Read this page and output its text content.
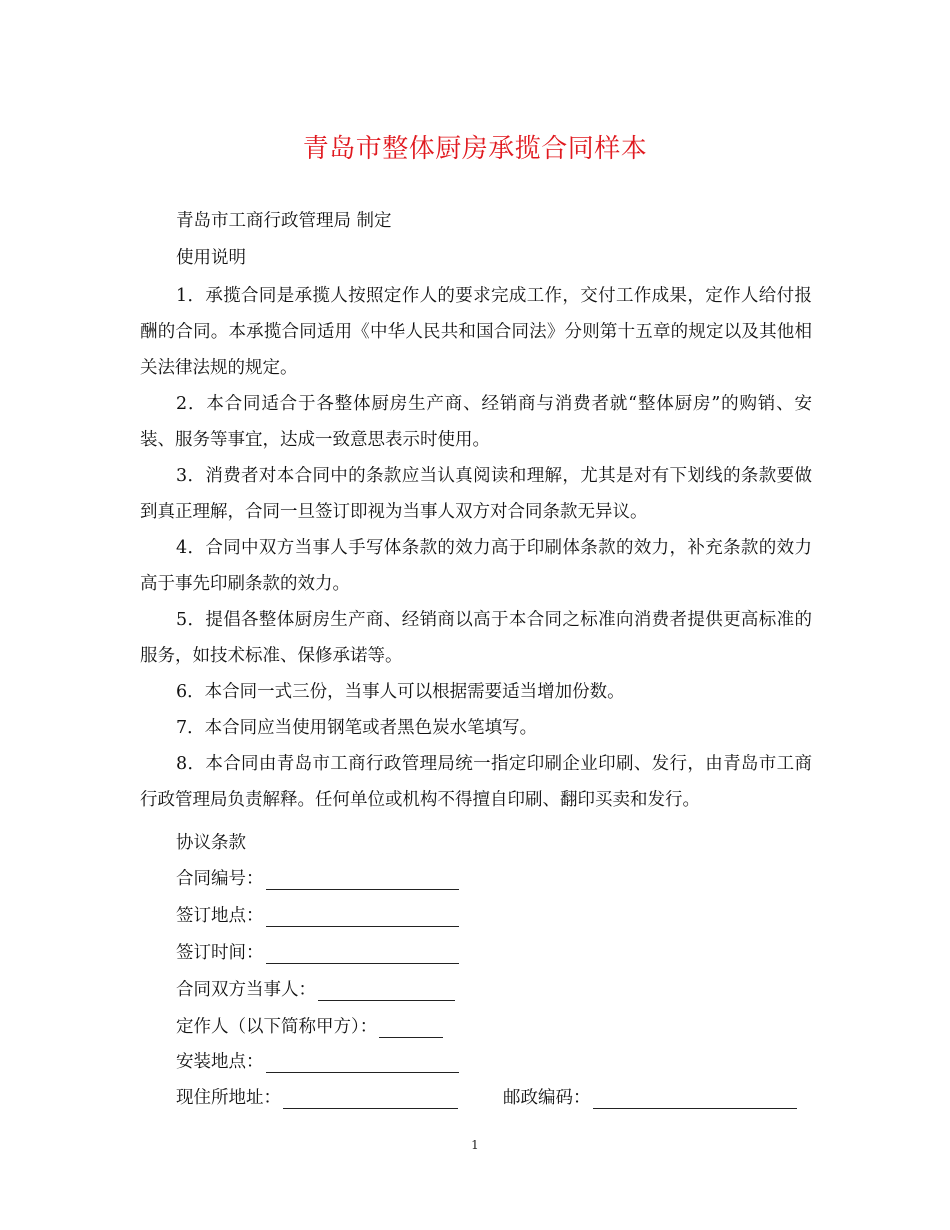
青岛市整体厨房承揽合同样本
青岛市工商行政管理局 制定
使用说明
1．承揽合同是承揽人按照定作人的要求完成工作，交付工作成果，定作人给付报酬的合同。本承揽合同适用《中华人民共和国合同法》分则第十五章的规定以及其他相关法律法规的规定。
2．本合同适合于各整体厨房生产商、经销商与消费者就“整体厨房”的购销、安装、服务等事宜，达成一致意思表示时使用。
3．消费者对本合同中的条款应当认真阅读和理解，尤其是对有下划线的条款要做到真正理解，合同一旦签订即视为当事人双方对合同条款无异议。
4．合同中双方当事人手写体条款的效力高于印刷体条款的效力，补充条款的效力高于事先印刷条款的效力。
5．提倡各整体厨房生产商、经销商以高于本合同之标准向消费者提供更高标准的服务，如技术标准、保修承诺等。
6．本合同一式三份，当事人可以根据需要适当增加份数。
7．本合同应当使用钢笔或者黑色炭水笔填写。
8．本合同由青岛市工商行政管理局统一指定印刷企业印刷、发行，由青岛市工商行政管理局负责解释。任何单位或机构不得擅自印刷、翻印买卖和发行。
协议条款
合同编号：
签订地点：
签订时间：
合同双方当事人：
定作人（以下简称甲方）：
安装地点：
现住所地址：	邮政编码：
1
